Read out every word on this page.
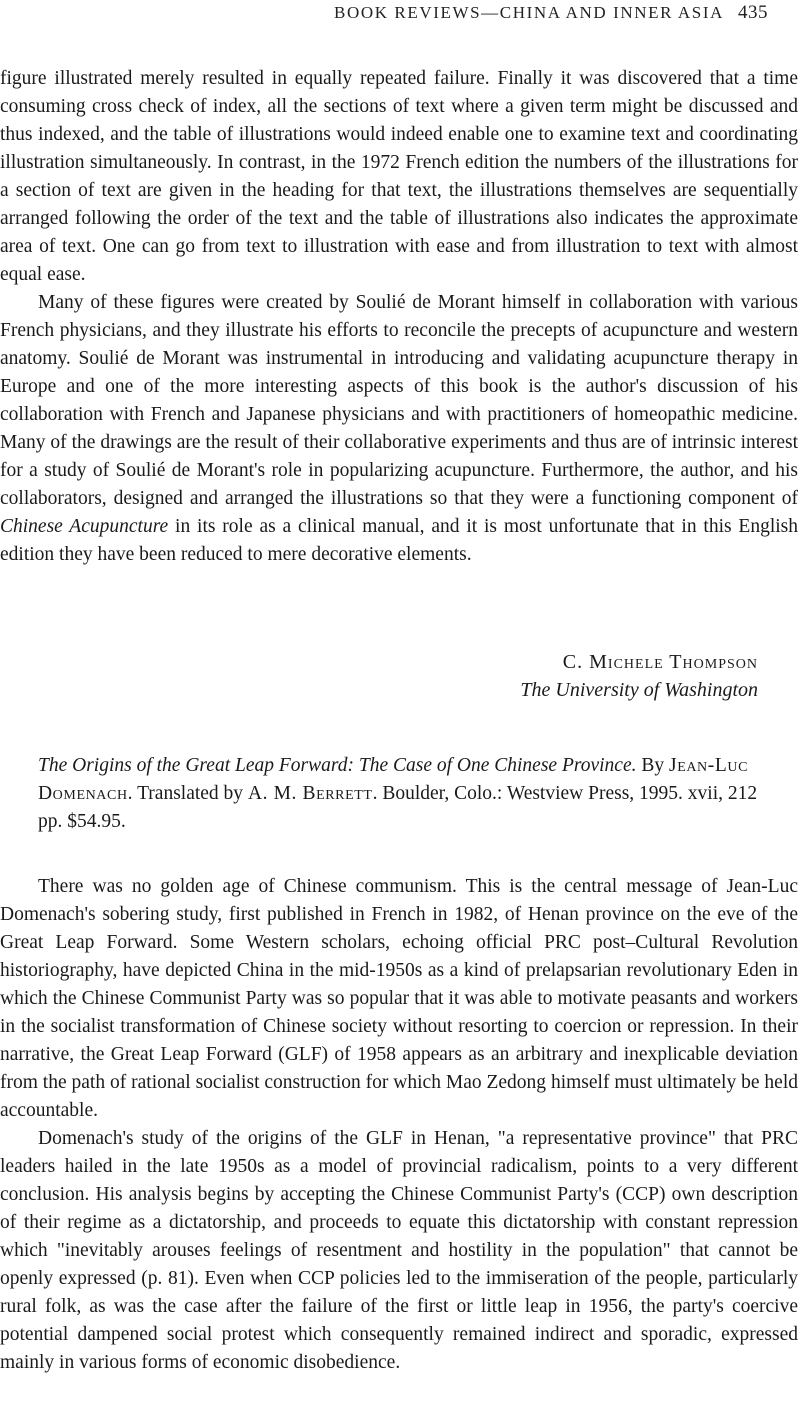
BOOK REVIEWS—CHINA AND INNER ASIA 435

figure illustrated merely resulted in equally repeated failure. Finally it was discovered that a time consuming cross check of index, all the sections of text where a given term might be discussed and thus indexed, and the table of illustrations would indeed enable one to examine text and coordinating illustration simultaneously. In contrast, in the 1972 French edition the numbers of the illustrations for a section of text are given in the heading for that text, the illustrations themselves are sequentially arranged following the order of the text and the table of illustrations also indicates the approximate area of text. One can go from text to illustration with ease and from illustration to text with almost equal ease.

Many of these figures were created by Soulié de Morant himself in collaboration with various French physicians, and they illustrate his efforts to reconcile the precepts of acupuncture and western anatomy. Soulié de Morant was instrumental in introducing and validating acupuncture therapy in Europe and one of the more interesting aspects of this book is the author's discussion of his collaboration with French and Japanese physicians and with practitioners of homeopathic medicine. Many of the drawings are the result of their collaborative experiments and thus are of intrinsic interest for a study of Soulié de Morant's role in popularizing acupuncture. Furthermore, the author, and his collaborators, designed and arranged the illustrations so that they were a functioning component of Chinese Acupuncture in its role as a clinical manual, and it is most unfortunate that in this English edition they have been reduced to mere decorative elements.

C. Michele Thompson
The University of Washington
The Origins of the Great Leap Forward: The Case of One Chinese Province. By Jean-Luc Domenach. Translated by A. M. Berrett. Boulder, Colo.: Westview Press, 1995. xvii, 212 pp. $54.95.

There was no golden age of Chinese communism. This is the central message of Jean-Luc Domenach's sobering study, first published in French in 1982, of Henan province on the eve of the Great Leap Forward. Some Western scholars, echoing official PRC post–Cultural Revolution historiography, have depicted China in the mid-1950s as a kind of prelapsarian revolutionary Eden in which the Chinese Communist Party was so popular that it was able to motivate peasants and workers in the socialist transformation of Chinese society without resorting to coercion or repression. In their narrative, the Great Leap Forward (GLF) of 1958 appears as an arbitrary and inexplicable deviation from the path of rational socialist construction for which Mao Zedong himself must ultimately be held accountable.

Domenach's study of the origins of the GLF in Henan, "a representative province" that PRC leaders hailed in the late 1950s as a model of provincial radicalism, points to a very different conclusion. His analysis begins by accepting the Chinese Communist Party's (CCP) own description of their regime as a dictatorship, and proceeds to equate this dictatorship with constant repression which "inevitably arouses feelings of resentment and hostility in the population" that cannot be openly expressed (p. 81). Even when CCP policies led to the immiseration of the people, particularly rural folk, as was the case after the failure of the first or little leap in 1956, the party's coercive potential dampened social protest which consequently remained indirect and sporadic, expressed mainly in various forms of economic disobedience.
